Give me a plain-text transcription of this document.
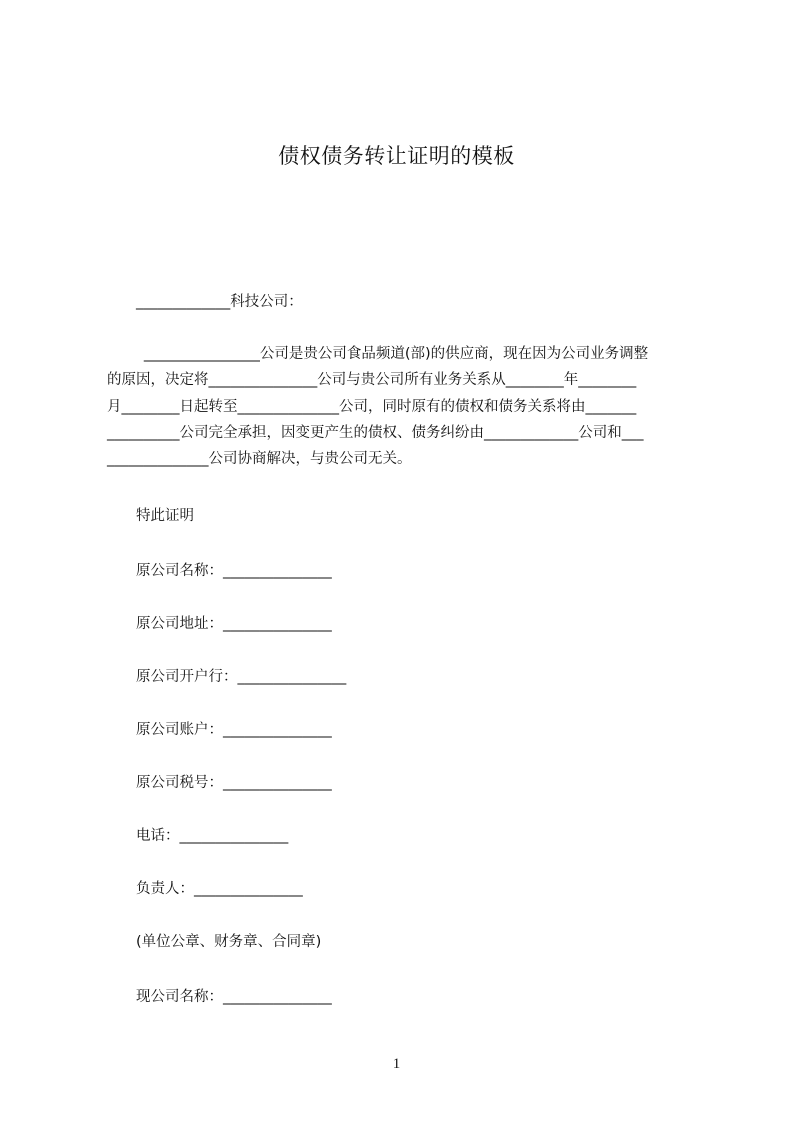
债权债务转让证明的模板
_____________科技公司：
________________公司是贵公司食品频道(部)的供应商，现在因为公司业务调整
的原因，决定将_______________公司与贵公司所有业务关系从________年________
月________日起转至______________公司，同时原有的债权和债务关系将由_______
__________公司完全承担，因变更产生的债权、债务纠纷由_____________公司和___
______________公司协商解决，与贵公司无关。
特此证明
原公司名称：_______________
原公司地址：_______________
原公司开户行：_______________
原公司账户：_______________
原公司税号：_______________
电话：_______________
负责人：_______________
(单位公章、财务章、合同章)
现公司名称：_______________
1
